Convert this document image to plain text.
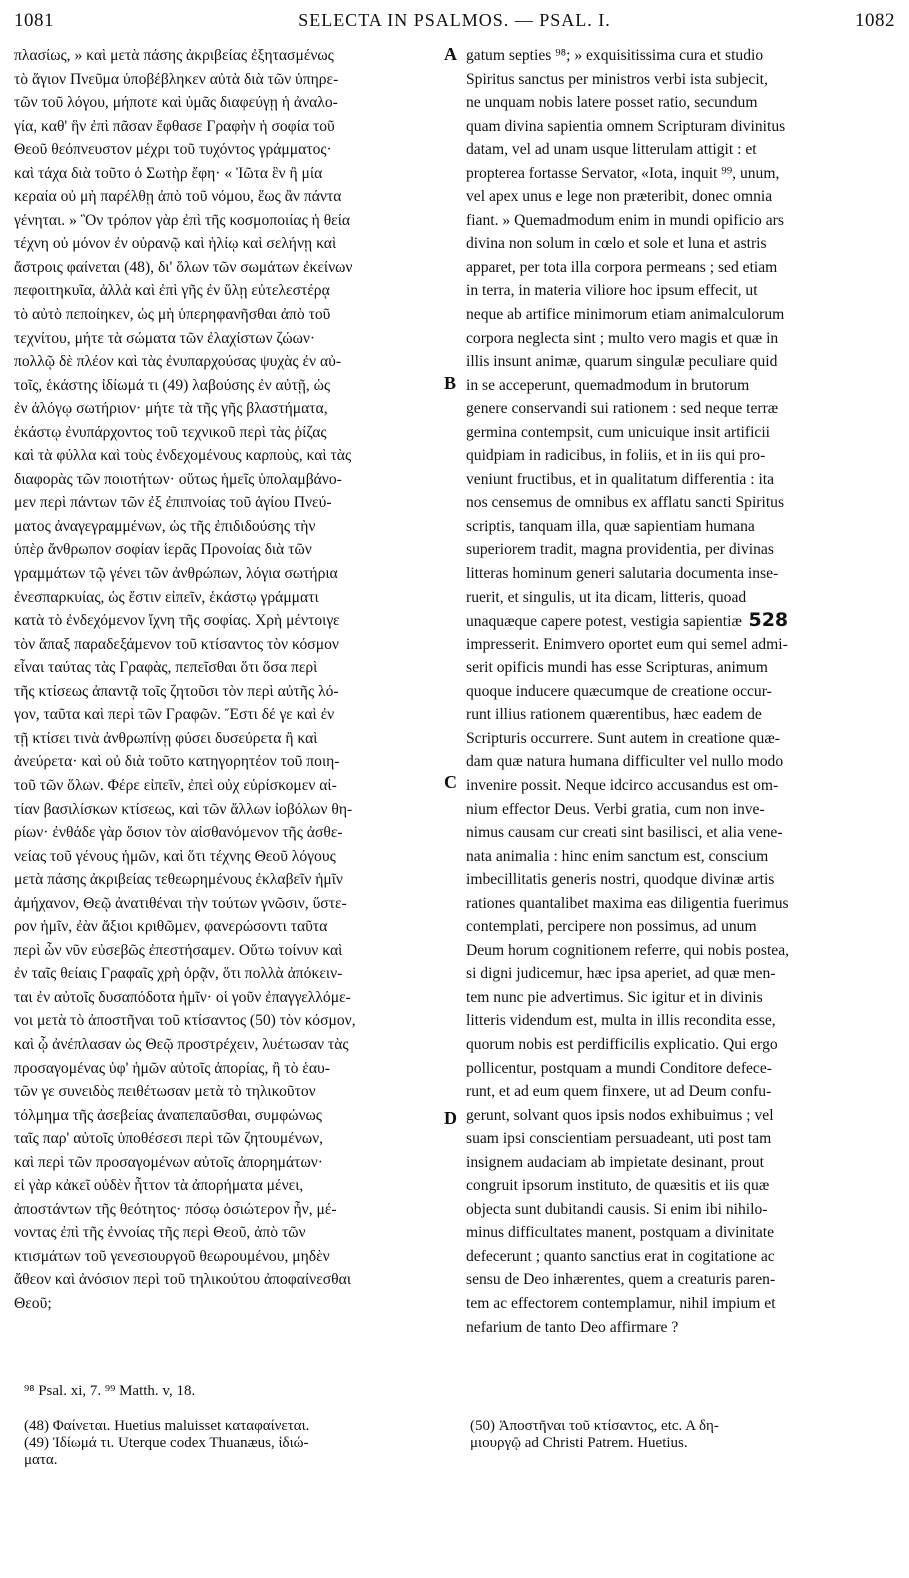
1081	SELECTA IN PSALMOS. — PSAL. I.	1082
πλασίως, » καὶ μετὰ πάσης ἀκριβείας ἐξητασμένως
τὸ ἅγιον Πνεῦμα ὑποβέβληκεν αὐτὰ διὰ τῶν ὑπηρε-
τῶν τοῦ λόγου, μήποτε καὶ ὑμᾶς διαφεύγῃ ἡ ἀναλο-
γία, καθ' ἣν ἐπὶ πᾶσαν ἔφθασε Γραφὴν ἡ σοφία τοῦ
Θεοῦ θεόπνευστον μέχρι τοῦ τυχόντος γράμματος·
καὶ τάχα διὰ τοῦτο ὁ Σωτὴρ ἔφη· « Ἰῶτα ἓν ἢ μία
κεραία οὐ μὴ παρέλθῃ ἀπὸ τοῦ νόμου, ἕως ἂν πάντα
γένηται. » Ὃν τρόπον γὰρ ἐπὶ τῆς κοσμοποιίας ἡ θεία
τέχνη οὐ μόνον ἐν οὐρανῷ καὶ ἡλίῳ καὶ σελήνῃ καὶ
ἄστροις φαίνεται (48), δι' ὅλων τῶν σωμάτων ἐκείνων
πεφοιτηκυῖα, ἀλλὰ καὶ ἐπὶ γῆς ἐν ὕλῃ εὐτελεστέρᾳ
τὸ αὐτὸ πεποίηκεν, ὡς μὴ ὑπερηφανῆσθαι ἀπὸ τοῦ
τεχνίτου, μήτε τὰ σώματα τῶν ἐλαχίστων ζώων·
πολλῷ δὲ πλέον καὶ τὰς ἐνυπαρχούσας ψυχὰς ἐν αὐ-
τοῖς, ἑκάστης ἰδίωμά τι (49) λαβούσης ἐν αὐτῇ, ὡς
ἐν ἀλόγῳ σωτήριον· μήτε τὰ τῆς γῆς βλαστήματα,
ἑκάστῳ ἐνυπάρχοντος τοῦ τεχνικοῦ περὶ τὰς ῥίζας
καὶ τὰ φύλλα καὶ τοὺς ἐνδεχομένους καρποὺς, καὶ τὰς
διαφορὰς τῶν ποιοτήτων· οὕτως ἡμεῖς ὑπολαμβάνο-
μεν περὶ πάντων τῶν ἐξ ἐπιπνοίας τοῦ ἁγίου Πνεύ-
ματος ἀναγεγραμμένων, ὡς τῆς ἐπιδιδούσης τὴν
ὑπὲρ ἄνθρωπον σοφίαν ἱερᾶς Προνοίας διὰ τῶν
γραμμάτων τῷ γένει τῶν ἀνθρώπων, λόγια σωτήρια
ἐνεσπαρκυίας, ὡς ἔστιν εἰπεῖν, ἑκάστῳ γράμματι
κατὰ τὸ ἐνδεχόμενον ἴχνη τῆς σοφίας. Χρὴ μέντοιγε
τὸν ἅπαξ παραδεξάμενον τοῦ κτίσαντος τὸν κόσμον
εἶναι ταύτας τὰς Γραφὰς, πεπεῖσθαι ὅτι ὅσα περὶ
τῆς κτίσεως ἀπαντᾷ τοῖς ζητοῦσι τὸν περὶ αὐτῆς λό-
γον, ταῦτα καὶ περὶ τῶν Γραφῶν. Ἔστι δέ γε καὶ ἐν
τῇ κτίσει τινὰ ἀνθρωπίνῃ φύσει δυσεύρετα ἢ καὶ
ἀνεύρετα· καὶ οὐ διὰ τοῦτο κατηγορητέον τοῦ ποιη-
τοῦ τῶν ὅλων. Φέρε εἰπεῖν, ἐπεὶ οὐχ εὑρίσκομεν αἰ-
τίαν βασιλίσκων κτίσεως, καὶ τῶν ἄλλων ἰοβόλων θη-
ρίων· ἐνθάδε γὰρ ὅσιον τὸν αἰσθανόμενον τῆς ἀσθε-
νείας τοῦ γένους ἡμῶν, καὶ ὅτι τέχνης Θεοῦ λόγους
μετὰ πάσης ἀκριβείας τεθεωρημένους ἐκλαβεῖν ἡμῖν
ἀμήχανον, Θεῷ ἀνατιθέναι τὴν τούτων γνῶσιν, ὕστε-
ρον ἡμῖν, ἐὰν ἄξιοι κριθῶμεν, φανερώσοντι ταῦτα
περὶ ὧν νῦν εὐσεβῶς ἐπεστήσαμεν. Οὕτω τοίνυν καὶ
ἐν ταῖς θείαις Γραφαῖς χρὴ ὁρᾷν, ὅτι πολλὰ ἀπόκειν-
ται ἐν αὐτοῖς δυσαπόδοτα ἡμῖν· οἱ γοῦν ἐπαγγελλόμε-
νοι μετὰ τὸ ἀποστῆναι τοῦ κτίσαντος (50) τὸν κόσμον,
καὶ ᾧ ἀνέπλασαν ὡς Θεῷ προστρέχειν, λυέτωσαν τὰς
προσαγομένας ὑφ' ἡμῶν αὐτοῖς ἀπορίας, ἢ τὸ ἑαυ-
τῶν γε συνειδὸς πειθέτωσαν μετὰ τὸ τηλικοῦτον
τόλμημα τῆς ἀσεβείας ἀναπεπαῦσθαι, συμφώνως
ταῖς παρ' αὐτοῖς ὑποθέσεσι περὶ τῶν ζητουμένων,
καὶ περὶ τῶν προσαγομένων αὐτοῖς ἀπορημάτων·
εἰ γὰρ κἀκεῖ οὐδὲν ἧττον τὰ ἀπορήματα μένει,
ἀποστάντων τῆς θεότητος· πόσῳ ὁσιώτερον ἦν, μέ-
νοντας ἐπὶ τῆς ἐννοίας τῆς περὶ Θεοῦ, ἀπὸ τῶν
κτισμάτων τοῦ γενεσιουργοῦ θεωρουμένου, μηδὲν
ἄθεον καὶ ἀνόσιον περὶ τοῦ τηλικούτου ἀποφαίνεσθαι
Θεοῦ;
gatum septies ⁹⁸; » exquisitissima cura et studio
Spiritus sanctus per ministros verbi ista subjecit,
ne unquam nobis latere posset ratio, secundum
quam divina sapientia omnem Scripturam divinitus
datam, vel ad unam usque litterulam attigit : et
propterea fortasse Servator, «Iota, inquit ⁹⁹, unum,
vel apex unus e lege non præteribit, donec omnia
fiant. » Quemadmodum enim in mundi opificio ars
divina non solum in cœlo et sole et luna et astris
apparet, per tota illa corpora permeans ; sed etiam
in terra, in materia viliore hoc ipsum effecit, ut
neque ab artifice minimorum etiam animalculorum
corpora neglecta sint ; multo vero magis et quæ in
illis insunt animæ, quarum singulæ peculiare quid
in se acceperunt, quemadmodum in brutorum
genere conservandi sui rationem : sed neque terræ
germina contempsit, cum unicuique insit artificii
quidpiam in radicibus, in foliis, et in iis qui pro-
veniunt fructibus, et in qualitatum differentia : ita
nos censemus de omnibus ex afflatu sancti Spiritus
scriptis, tanquam illa, quæ sapientiam humana
superiorem tradit, magna providentia, per divinas
litteras hominum generi salutaria documenta inse-
ruerit, et singulis, ut ita dicam, litteris, quoad
unaquæque capere potest, vestigia sapientiæ 528
impresserit. Enimvero oportet eum qui semel admi-
serit opificis mundi has esse Scripturas, animum
quoque inducere quæcumque de creatione occur-
runt illius rationem quærentibus, hæc eadem de
Scripturis occurrere. Sunt autem in creatione quæ-
dam quæ natura humana difficulter vel nullo modo
invenire possit. Neque idcirco accusandus est om-
nium effector Deus. Verbi gratia, cum non inve-
nimus causam cur creati sint basilisci, et alia vene-
nata animalia : hinc enim sanctum est, conscium
imbecillitatis generis nostri, quodque divinæ artis
rationes quantalibet maxima eas diligentia fuerimus
contemplati, percipere non possimus, ad unum
Deum horum cognitionem referre, qui nobis postea,
si digni judicemur, hæc ipsa aperiet, ad quæ men-
tem nunc pie advertimus. Sic igitur et in divinis
litteris videndum est, multa in illis recondita esse,
quorum nobis est perdifficilis explicatio. Qui ergo
pollicentur, postquam a mundi Conditore defece-
runt, et ad eum quem finxere, ut ad Deum confu-
gerunt, solvant quos ipsis nodos exhibuimus ; vel
suam ipsi conscientiam persuadeant, uti post tam
insignem audaciam ab impietate desinant, prout
congruit ipsorum instituto, de quæsitis et iis quæ
objecta sunt dubitandi causis. Si enim ibi nihilo-
minus difficultates manent, postquam a divinitate
defecerunt ; quanto sanctius erat in cogitatione ac
sensu de Deo inhærentes, quem a creaturis paren-
tem ac effectorem contemplamur, nihil impium et
nefarium de tanto Deo affirmare ?
A
B
C
D
⁹⁸ Psal. xi, 7. ⁹⁹ Matth. v, 18.
(48) Φαίνεται. Huetius maluisset καταφαίνεται.
(49) Ἰδίωμά τι. Uterque codex Thuanæus, ἰδιώ-
ματα.
(50) Ἀποστῆναι τοῦ κτίσαντος, etc. A δη-
μιουργῷ ad Christi Patrem. Huetius.
